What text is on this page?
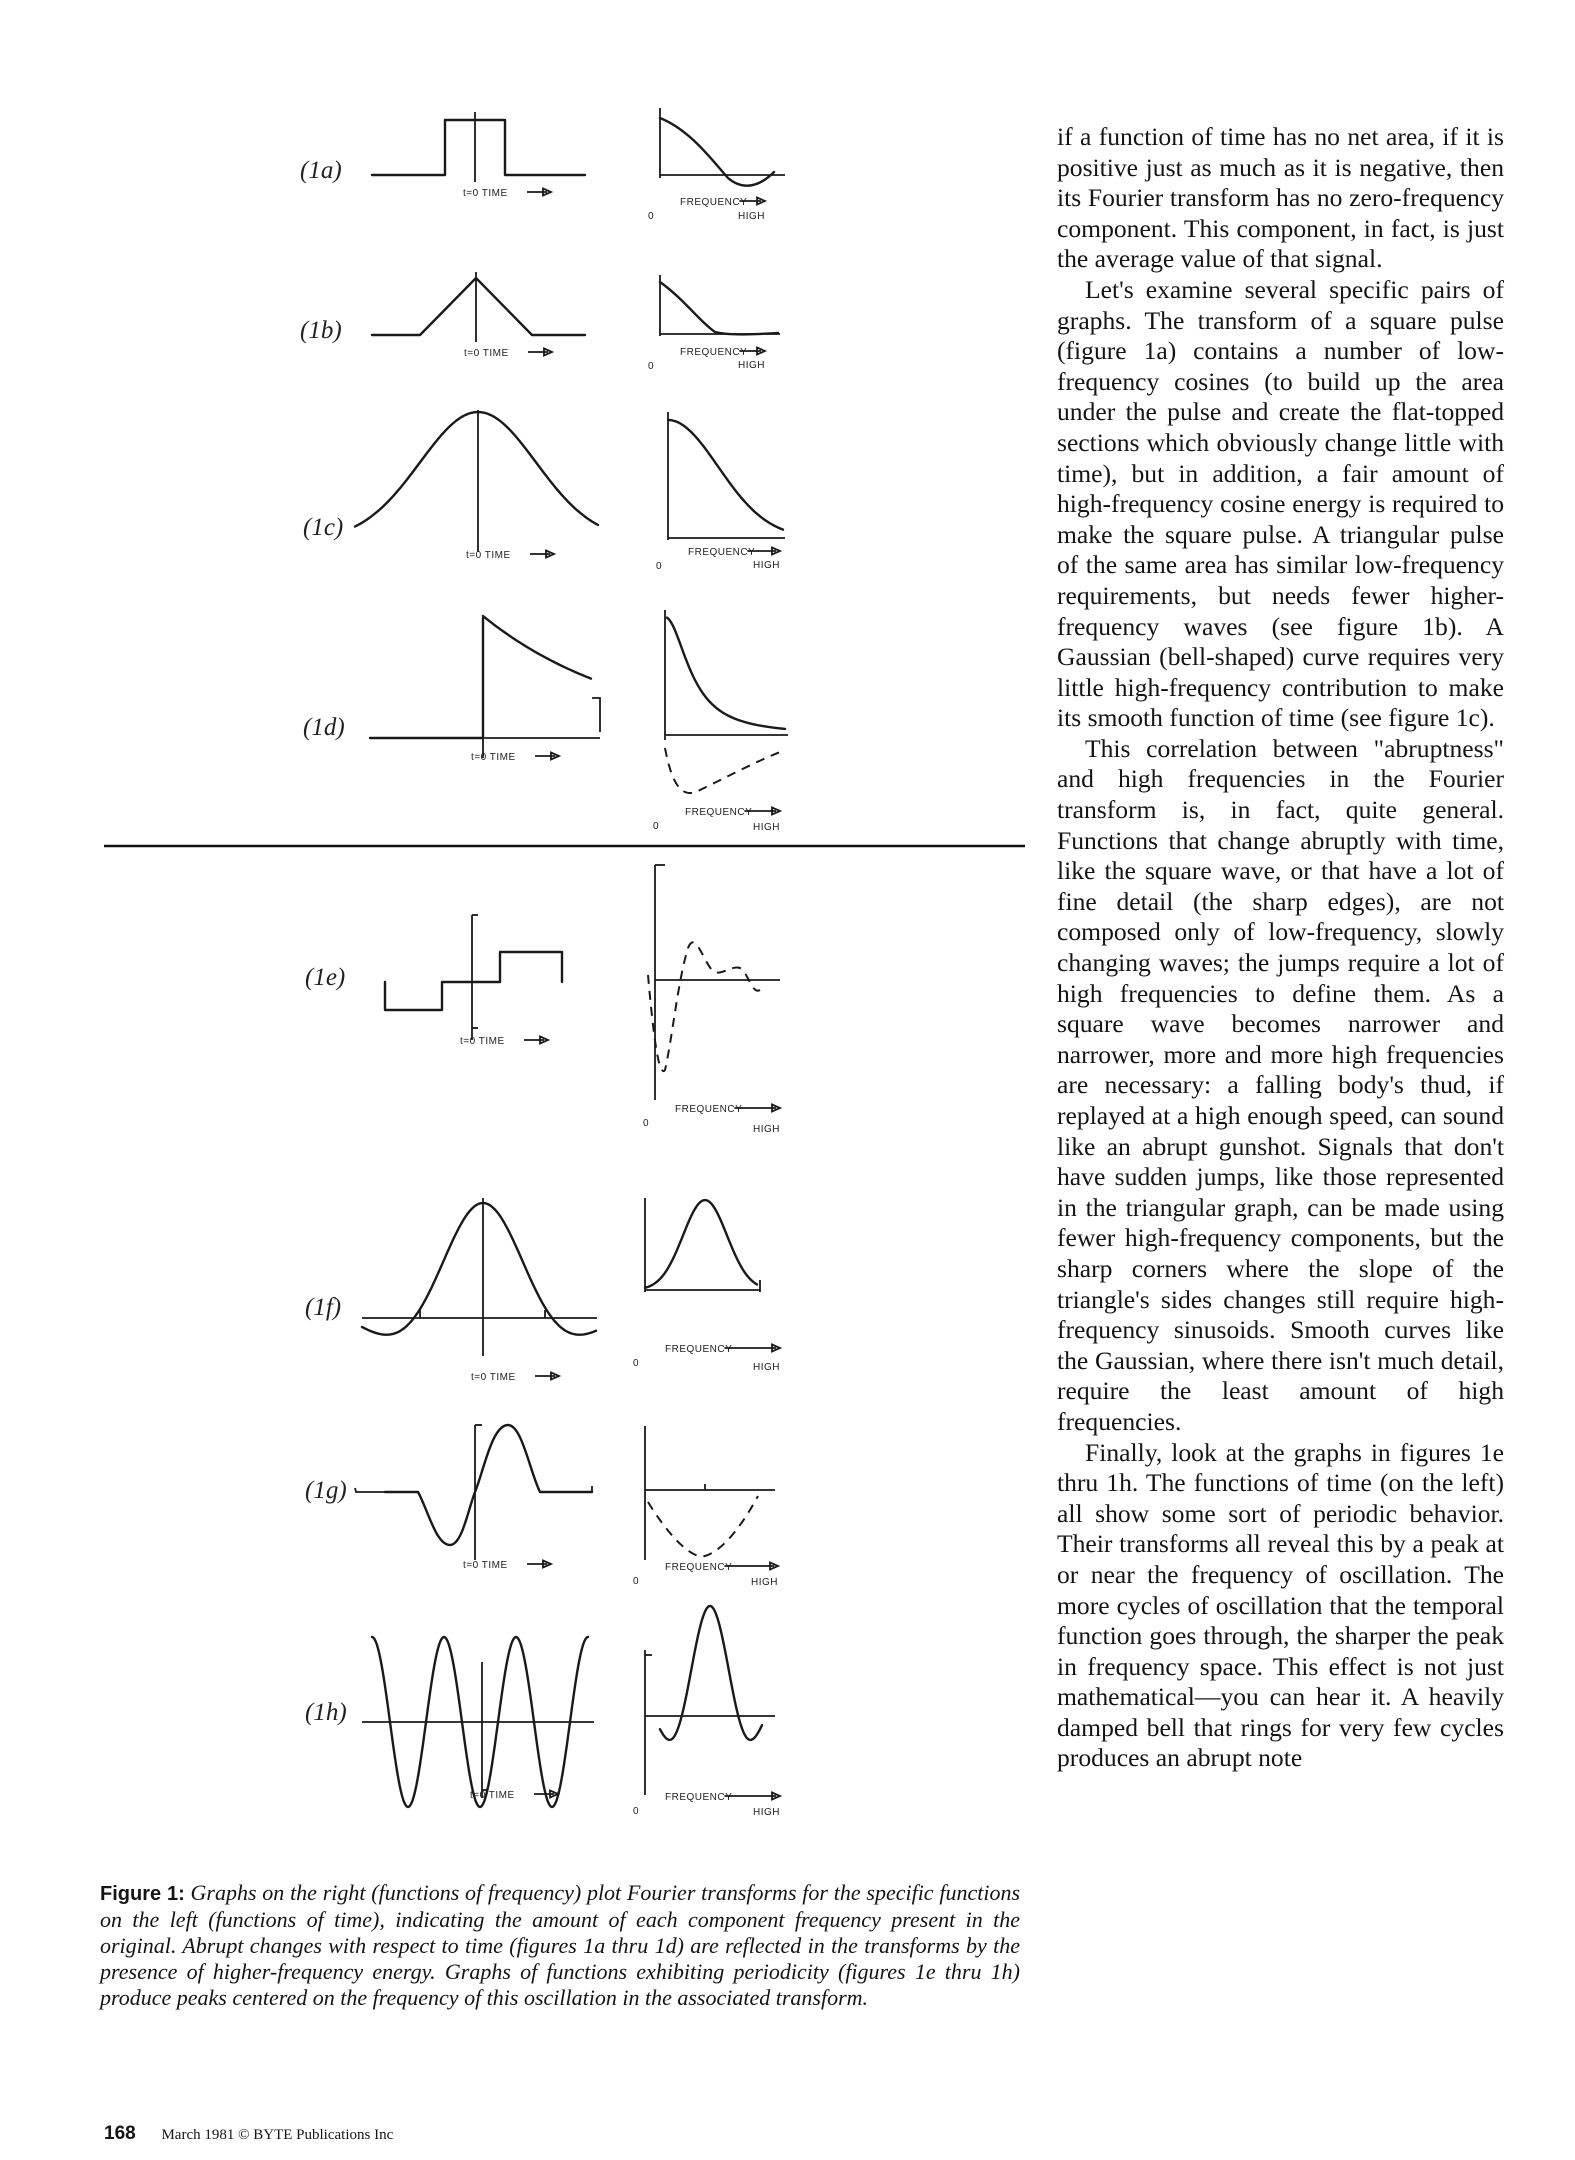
(1a)
t=0 TIME
0
FREQUENCY
HIGH
(1b)
t=0 TIME
0
FREQUENCY
HIGH
(1c)
t=0 TIME
0
FREQUENCY
HIGH
(1d)
t=0 TIME
0
FREQUENCY
HIGH
(1e)
t=0 TIME
0
FREQUENCY
HIGH
(1f)
t=0 TIME
0
FREQUENCY
HIGH
(1g)
t=0 TIME
0
FREQUENCY
HIGH
(1h)
t=0 TIME
0
FREQUENCY
HIGH

if a function of time has no net area, if it is positive just as much as it is negative, then its Fourier transform has no zero-frequency component. This component, in fact, is just the average value of that signal.

Let's examine several specific pairs of graphs. The transform of a square pulse (figure 1a) contains a number of low-frequency cosines (to build up the area under the pulse and create the flat-topped sections which obviously change little with time), but in addition, a fair amount of high-frequency cosine energy is required to make the square pulse. A triangular pulse of the same area has similar low-frequency requirements, but needs fewer higher-frequency waves (see figure 1b). A Gaussian (bell-shaped) curve requires very little high-frequency contribution to make its smooth function of time (see figure 1c).

This correlation between "abruptness" and high frequencies in the Fourier transform is, in fact, quite general. Functions that change abruptly with time, like the square wave, or that have a lot of fine detail (the sharp edges), are not composed only of low-frequency, slowly changing waves; the jumps require a lot of high frequencies to define them. As a square wave becomes narrower and narrower, more and more high frequencies are necessary: a falling body's thud, if replayed at a high enough speed, can sound like an abrupt gunshot. Signals that don't have sudden jumps, like those represented in the triangular graph, can be made using fewer high-frequency components, but the sharp corners where the slope of the triangle's sides changes still require high-frequency sinusoids. Smooth curves like the Gaussian, where there isn't much detail, require the least amount of high frequencies.

Finally, look at the graphs in figures 1e thru 1h. The functions of time (on the left) all show some sort of periodic behavior. Their transforms all reveal this by a peak at or near the frequency of oscillation. The more cycles of oscillation that the temporal function goes through, the sharper the peak in frequency space. This effect is not just mathematical—you can hear it. A heavily damped bell that rings for very few cycles produces an abrupt note

Figure 1: Graphs on the right (functions of frequency) plot Fourier transforms for the specific functions on the left (functions of time), indicating the amount of each component frequency present in the original. Abrupt changes with respect to time (figures 1a thru 1d) are reflected in the transforms by the presence of higher-frequency energy. Graphs of functions exhibiting periodicity (figures 1e thru 1h) produce peaks centered on the frequency of this oscillation in the associated transform.
168 March 1981 © BYTE Publications Inc
